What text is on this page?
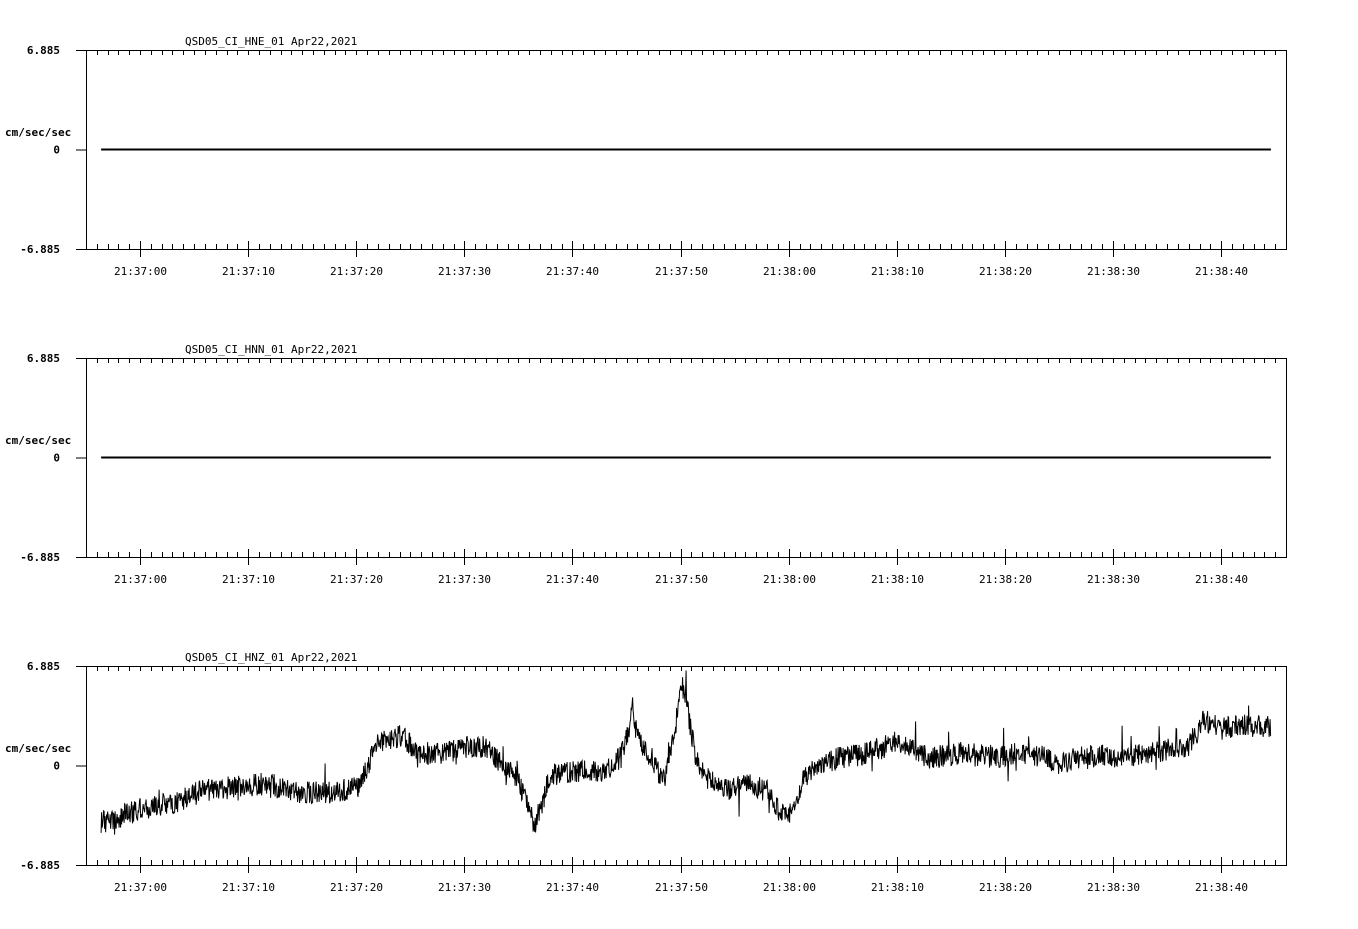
QSD05_CI_HNE_01 Apr22,2021
cm/sec/sec
6.885
0
-6.885
21:37:00	21:37:10	21:37:20	21:37:30	21:37:40	21:37:50	21:38:00	21:38:10	21:38:20	21:38:30	21:38:40
QSD05_CI_HNN_01 Apr22,2021
cm/sec/sec
6.885
0
-6.885
21:37:00	21:37:10	21:37:20	21:37:30	21:37:40	21:37:50	21:38:00	21:38:10	21:38:20	21:38:30	21:38:40
QSD05_CI_HNZ_01 Apr22,2021
cm/sec/sec
6.885
0
-6.885
21:37:00	21:37:10	21:37:20	21:37:30	21:37:40	21:37:50	21:38:00	21:38:10	21:38:20	21:38:30	21:38:40
